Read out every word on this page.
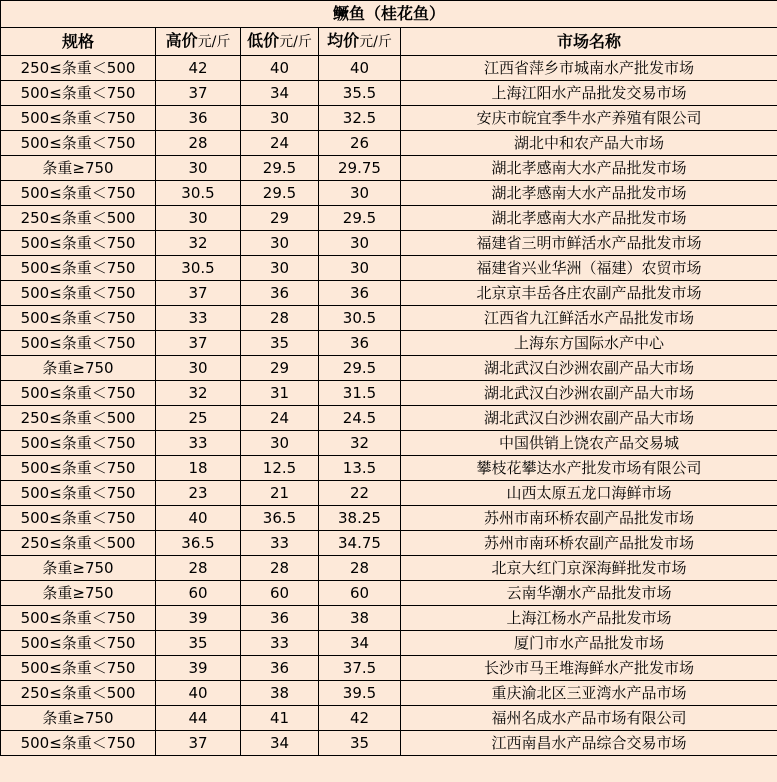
鳜鱼（桂花鱼）				
规格	高价元/斤	低价元/斤	均价元/斤	市场名称
250≤条重＜500	42	40	40	江西省萍乡市城南水产批发市场
500≤条重＜750	37	34	35.5	上海江阳水产品批发交易市场
500≤条重＜750	36	30	32.5	安庆市皖宜季牛水产养殖有限公司
500≤条重＜750	28	24	26	湖北中和农产品大市场
条重≥750	30	29.5	29.75	湖北孝感南大水产品批发市场
500≤条重＜750	30.5	29.5	30	湖北孝感南大水产品批发市场
250≤条重＜500	30	29	29.5	湖北孝感南大水产品批发市场
500≤条重＜750	32	30	30	福建省三明市鲜活水产品批发市场
500≤条重＜750	30.5	30	30	福建省兴业华洲（福建）农贸市场
500≤条重＜750	37	36	36	北京京丰岳各庄农副产品批发市场
500≤条重＜750	33	28	30.5	江西省九江鲜活水产品批发市场
500≤条重＜750	37	35	36	上海东方国际水产中心
条重≥750	30	29	29.5	湖北武汉白沙洲农副产品大市场
500≤条重＜750	32	31	31.5	湖北武汉白沙洲农副产品大市场
250≤条重＜500	25	24	24.5	湖北武汉白沙洲农副产品大市场
500≤条重＜750	33	30	32	中国供销上饶农产品交易城
500≤条重＜750	18	12.5	13.5	攀枝花攀达水产批发市场有限公司
500≤条重＜750	23	21	22	山西太原五龙口海鲜市场
500≤条重＜750	40	36.5	38.25	苏州市南环桥农副产品批发市场
250≤条重＜500	36.5	33	34.75	苏州市南环桥农副产品批发市场
条重≥750	28	28	28	北京大红门京深海鲜批发市场
条重≥750	60	60	60	云南华潮水产品批发市场
500≤条重＜750	39	36	38	上海江杨水产品批发市场
500≤条重＜750	35	33	34	厦门市水产品批发市场
500≤条重＜750	39	36	37.5	长沙市马王堆海鲜水产批发市场
250≤条重＜500	40	38	39.5	重庆渝北区三亚湾水产品市场
条重≥750	44	41	42	福州名成水产品市场有限公司
500≤条重＜750	37	34	35	江西南昌水产品综合交易市场
